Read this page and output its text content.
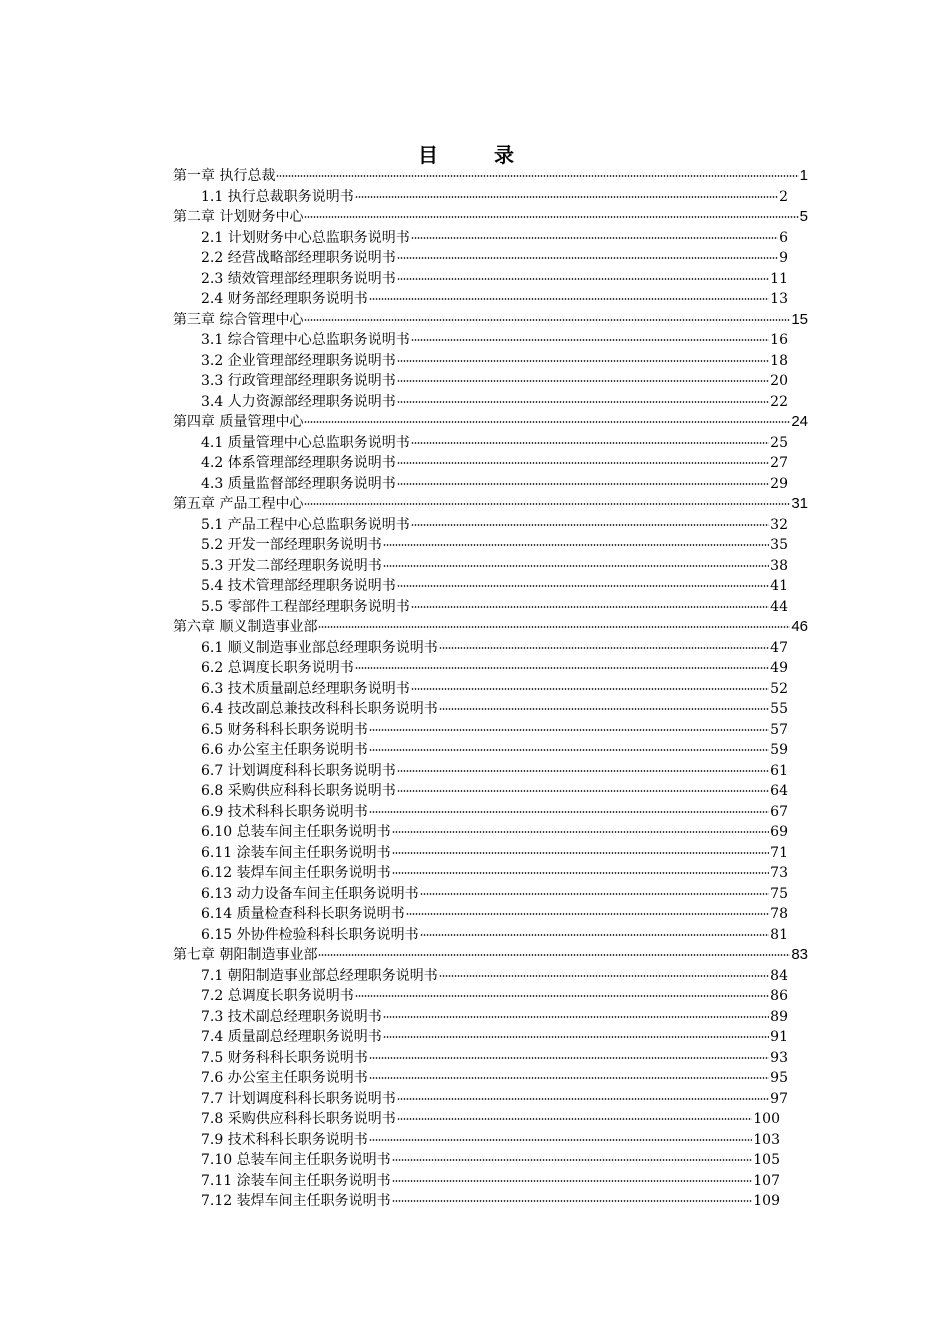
目　录
第一章 执行总裁	1
1.1 执行总裁职务说明书	2
第二章 计划财务中心	5
2.1 计划财务中心总监职务说明书	6
2.2 经营战略部经理职务说明书	9
2.3 绩效管理部经理职务说明书	11
2.4 财务部经理职务说明书	13
第三章 综合管理中心	15
3.1 综合管理中心总监职务说明书	16
3.2 企业管理部经理职务说明书	18
3.3 行政管理部经理职务说明书	20
3.4 人力资源部经理职务说明书	22
第四章 质量管理中心	24
4.1 质量管理中心总监职务说明书	25
4.2 体系管理部经理职务说明书	27
4.3 质量监督部经理职务说明书	29
第五章 产品工程中心	31
5.1 产品工程中心总监职务说明书	32
5.2 开发一部经理职务说明书	35
5.3 开发二部经理职务说明书	38
5.4 技术管理部经理职务说明书	41
5.5 零部件工程部经理职务说明书	44
第六章 顺义制造事业部	46
6.1 顺义制造事业部总经理职务说明书	47
6.2 总调度长职务说明书	49
6.3 技术质量副总经理职务说明书	52
6.4 技改副总兼技改科科长职务说明书	55
6.5 财务科科长职务说明书	57
6.6 办公室主任职务说明书	59
6.7 计划调度科科长职务说明书	61
6.8 采购供应科科长职务说明书	64
6.9 技术科科长职务说明书	67
6.10 总装车间主任职务说明书	69
6.11 涂装车间主任职务说明书	71
6.12 装焊车间主任职务说明书	73
6.13 动力设备车间主任职务说明书	75
6.14 质量检查科科长职务说明书	78
6.15 外协件检验科科长职务说明书	81
第七章 朝阳制造事业部	83
7.1 朝阳制造事业部总经理职务说明书	84
7.2 总调度长职务说明书	86
7.3 技术副总经理职务说明书	89
7.4 质量副总经理职务说明书	91
7.5 财务科科长职务说明书	93
7.6 办公室主任职务说明书	95
7.7 计划调度科科长职务说明书	97
7.8 采购供应科科长职务说明书	100
7.9 技术科科长职务说明书	103
7.10 总装车间主任职务说明书	105
7.11 涂装车间主任职务说明书	107
7.12 装焊车间主任职务说明书	109
